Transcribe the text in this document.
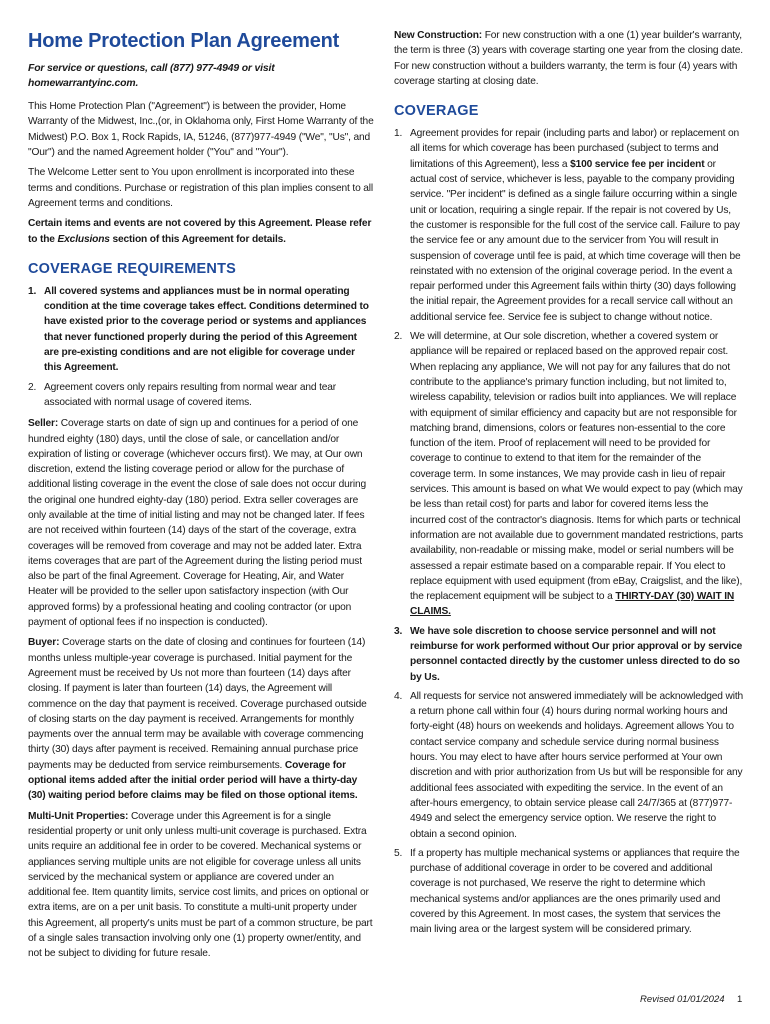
Home Protection Plan Agreement

For service or questions, call (877) 977-4949 or visit homewarrantyinc.com.

This Home Protection Plan ("Agreement") is between the provider, Home Warranty of the Midwest, Inc.,(or, in Oklahoma only, First Home Warranty of the Midwest) P.O. Box 1, Rock Rapids, IA, 51246, (877)977-4949 ("We", "Us", and "Our") and the named Agreement holder ("You" and "Your").

The Welcome Letter sent to You upon enrollment is incorporated into these terms and conditions. Purchase or registration of this plan implies consent to all Agreement terms and conditions.

Certain items and events are not covered by this Agreement. Please refer to the Exclusions section of this Agreement for details.

COVERAGE REQUIREMENTS
1. All covered systems and appliances must be in normal operating condition at the time coverage takes effect. Conditions determined to have existed prior to the coverage period or systems and appliances that never functioned properly during the period of this Agreement are pre-existing conditions and are not eligible for coverage under this Agreement.
2. Agreement covers only repairs resulting from normal wear and tear associated with normal usage of covered items.

Seller: Coverage starts on date of sign up and continues for a period of one hundred eighty (180) days, until the close of sale, or cancellation and/or expiration of listing or coverage (whichever occurs first). We may, at Our own discretion, extend the listing coverage period or allow for the purchase of additional listing coverage in the event the close of sale does not occur during the original one hundred eighty-day (180) period. Extra seller coverages are only available at the time of initial listing and may not be changed later. If fees are not received within fourteen (14) days of the start of the coverage, extra coverages will be removed from coverage and may not be added later. Extra items coverages that are part of the Agreement during the listing period must also be part of the final Agreement. Coverage for Heating, Air, and Water Heater will be provided to the seller upon satisfactory inspection (with Our approved forms) by a professional heating and cooling contractor (or upon payment of optional fees if no inspection is conducted).

Buyer: Coverage starts on the date of closing and continues for fourteen (14) months unless multiple-year coverage is purchased. Initial payment for the Agreement must be received by Us not more than fourteen (14) days after closing. If payment is later than fourteen (14) days, the Agreement will commence on the day that payment is received. Coverage purchased outside of closing starts on the day payment is received. Arrangements for monthly payments over the annual term may be available with coverage commencing thirty (30) days after payment is received. Remaining annual purchase price payments may be deducted from service reimbursements. Coverage for optional items added after the initial order period will have a thirty-day (30) waiting period before claims may be filed on those optional items.

Multi-Unit Properties: Coverage under this Agreement is for a single residential property or unit only unless multi-unit coverage is purchased. Extra units require an additional fee in order to be covered. Mechanical systems or appliances serving multiple units are not eligible for coverage unless all units serviced by the mechanical system or appliance are covered under an additional fee. Item quantity limits, service cost limits, and prices on optional or extra items, are on a per unit basis. To constitute a multi-unit property under this Agreement, all property's units must be part of a common structure, be part of a single sales transaction involving only one (1) property owner/entity, and not be subject to dividing for future resale.

New Construction: For new construction with a one (1) year builder's warranty, the term is three (3) years with coverage starting one year from the closing date. For new construction without a builders warranty, the term is four (4) years with coverage starting at closing date.

COVERAGE
1. Agreement provides for repair (including parts and labor) or replacement on all items for which coverage has been purchased (subject to terms and limitations of this Agreement), less a $100 service fee per incident or actual cost of service, whichever is less, payable to the company providing service. "Per incident" is defined as a single failure occurring within a single unit or location, requiring a single repair. If the repair is not covered by Us, the customer is responsible for the full cost of the service call. Failure to pay the service fee or any amount due to the servicer from You will result in suspension of coverage until fee is paid, at which time coverage will then be reinstated with no extension of the original coverage period. In the event a repair performed under this Agreement fails within thirty (30) days following the initial repair, the Agreement provides for a recall service call without an additional service fee. Service fee is subject to change without notice.
2. We will determine, at Our sole discretion, whether a covered system or appliance will be repaired or replaced based on the approved repair cost. When replacing any appliance, We will not pay for any failures that do not contribute to the appliance's primary function including, but not limited to, wireless capability, television or radios built into appliances. We will replace with equipment of similar efficiency and capacity but are not responsible for matching brand, dimensions, colors or features non-essential to the core function of the item. Proof of replacement will need to be provided for coverage to continue to extend to that item for the remainder of the coverage term. In some instances, We may provide cash in lieu of repair services. This amount is based on what We would expect to pay (which may be less than retail cost) for parts and labor for covered items less the incurred cost of the contractor's diagnosis. Items for which parts or technical information are not available due to government mandated restrictions, parts availability, non-readable or missing make, model or serial numbers will be assessed a repair estimate based on a comparable repair. If You elect to replace equipment with used equipment (from eBay, Craigslist, and the like), the replacement equipment will be subject to a THIRTY-DAY (30) WAIT IN CLAIMS.
3. We have sole discretion to choose service personnel and will not reimburse for work performed without Our prior approval or by service personnel contacted directly by the customer unless directed to do so by Us.
4. All requests for service not answered immediately will be acknowledged with a return phone call within four (4) hours during normal working hours and forty-eight (48) hours on weekends and holidays. Agreement allows You to contact service company and schedule service during normal business hours. You may elect to have after hours service performed at Your own discretion and with prior authorization from Us but will be responsible for any additional fees associated with expediting the service. In the event of an after-hours emergency, to obtain service please call 24/7/365 at (877)977-4949 and select the emergency service option. We reserve the right to obtain a second opinion.
5. If a property has multiple mechanical systems or appliances that require the purchase of additional coverage in order to be covered and additional coverage is not purchased, We reserve the right to determine which mechanical systems and/or appliances are the ones primarily used and covered by this Agreement. In most cases, the system that services the main living area or the largest system will be considered primary.
Revised 01/01/2024 1
